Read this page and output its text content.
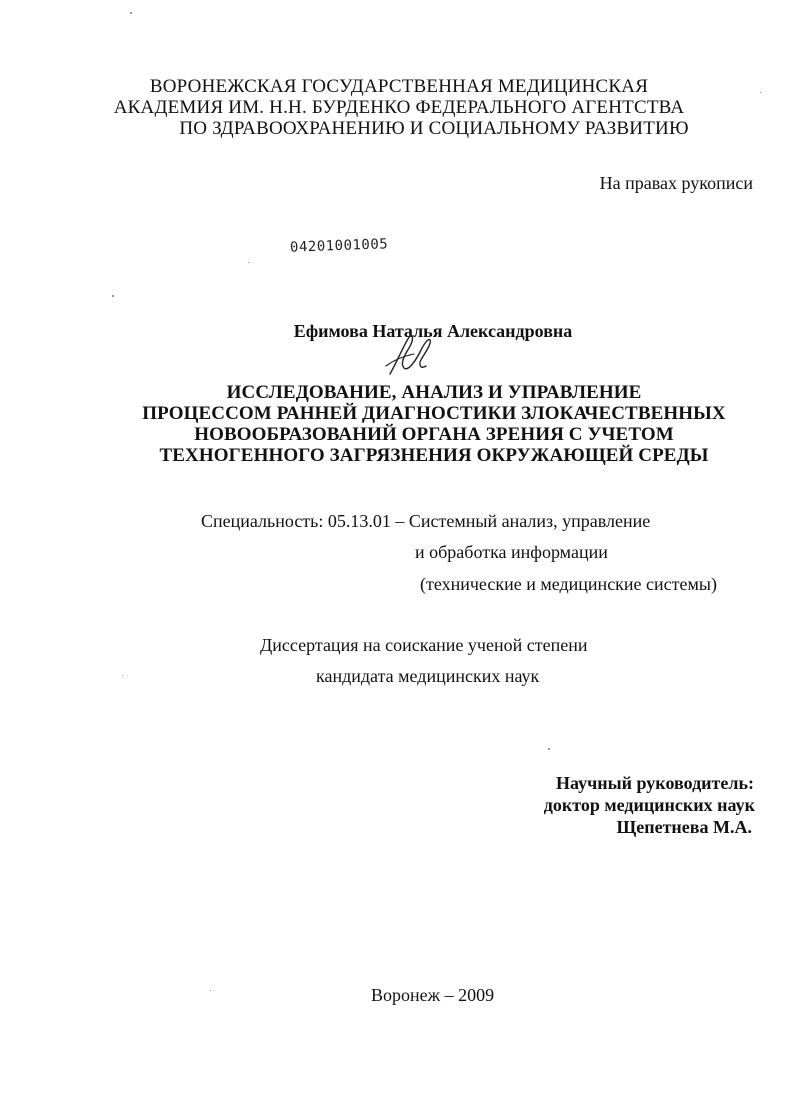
ВОРОНЕЖСКАЯ ГОСУДАРСТВЕННАЯ МЕДИЦИНСКАЯ
АКАДЕМИЯ ИМ. Н.Н. БУРДЕНКО ФЕДЕРАЛЬНОГО АГЕНТСТВА
ПО ЗДРАВООХРАНЕНИЮ И СОЦИАЛЬНОМУ РАЗВИТИЮ
На правах рукописи
04201001005
Ефимова Наталья Александровна
ИССЛЕДОВАНИЕ, АНАЛИЗ И УПРАВЛЕНИЕ
ПРОЦЕССОМ РАННЕЙ ДИАГНОСТИКИ ЗЛОКАЧЕСТВЕННЫХ
НОВООБРАЗОВАНИЙ ОРГАНА ЗРЕНИЯ С УЧЕТОМ
ТЕХНОГЕННОГО ЗАГРЯЗНЕНИЯ ОКРУЖАЮЩЕЙ СРЕДЫ
Специальность: 05.13.01 – Системный анализ, управление
и обработка информации
(технические и медицинские системы)
Диссертация на соискание ученой степени
кандидата медицинских наук
Научный руководитель:
доктор медицинских наук
Щепетнева М.А.
Воронеж – 2009
